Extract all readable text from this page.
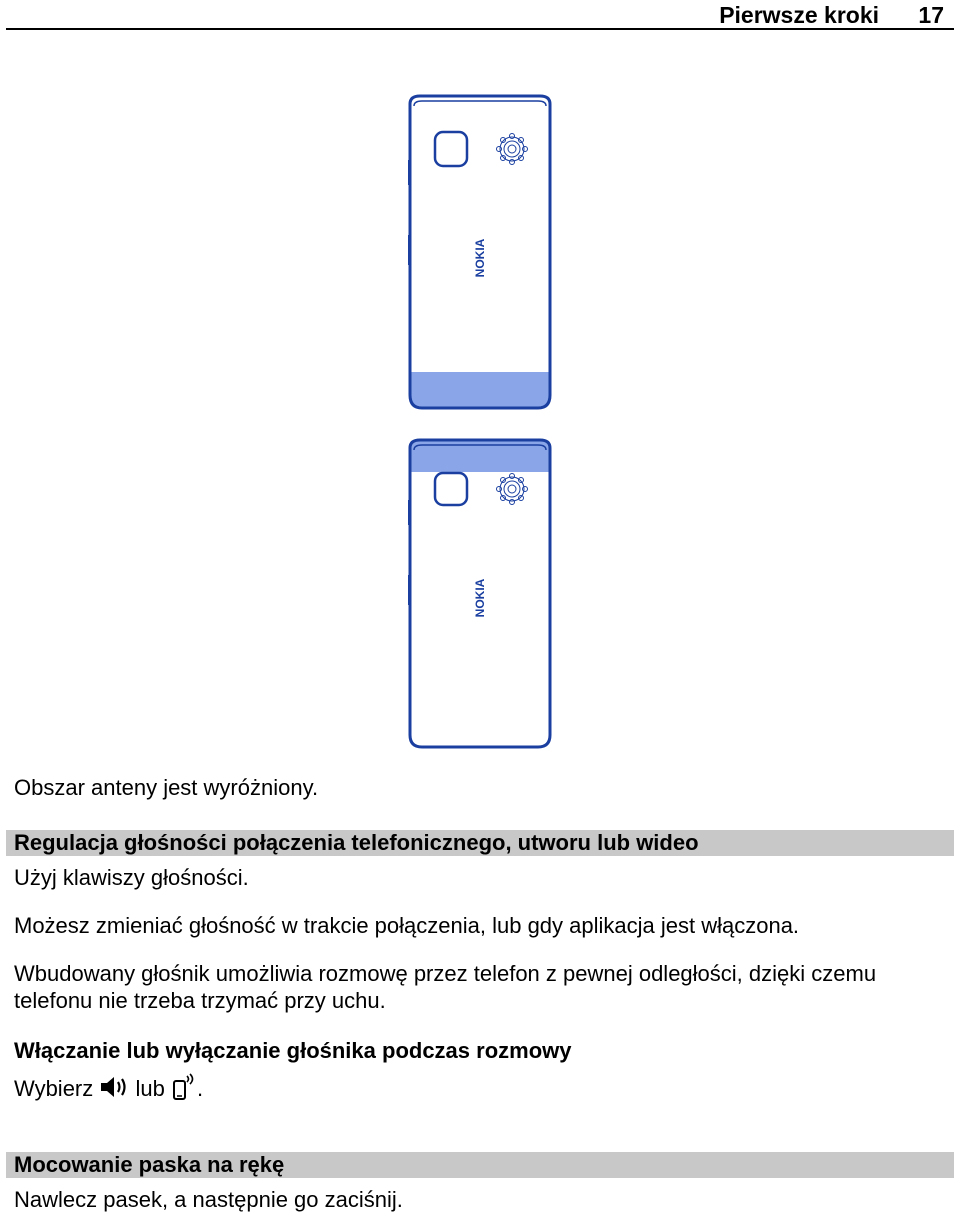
Pierwsze kroki 17
NOKIA
NOKIA
Obszar anteny jest wyróżniony.
Regulacja głośności połączenia telefonicznego, utworu lub wideo
Użyj klawiszy głośności.
Możesz zmieniać głośność w trakcie połączenia, lub gdy aplikacja jest włączona.
Wbudowany głośnik umożliwia rozmowę przez telefon z pewnej odległości, dzięki czemu telefonu nie trzeba trzymać przy uchu.
Włączanie lub wyłączanie głośnika podczas rozmowy
Wybierz lub .
Mocowanie paska na rękę
Nawlecz pasek, a następnie go zaciśnij.
